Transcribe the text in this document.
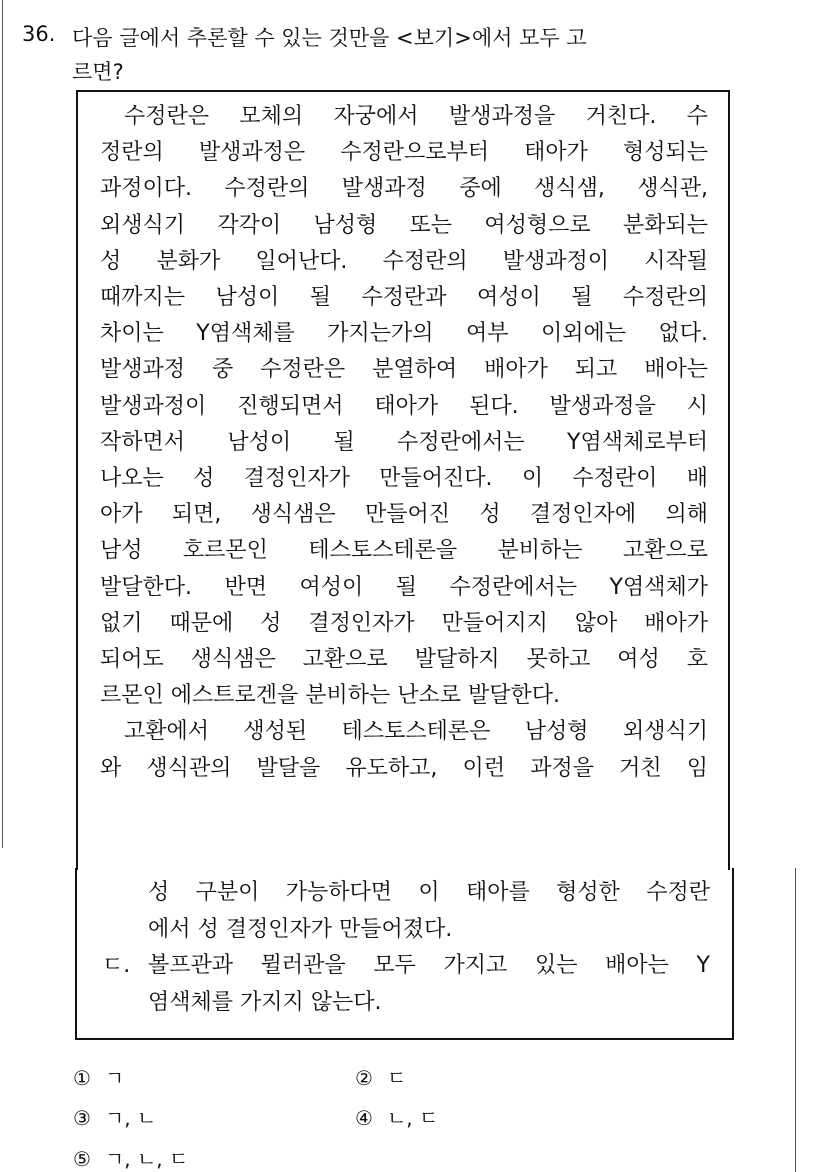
36. 다음 글에서 추론할 수 있는 것만을 <보기>에서 모두 고
르면?
수정란은 모체의 자궁에서 발생과정을 거친다. 수
정란의 발생과정은 수정란으로부터 태아가 형성되는
과정이다. 수정란의 발생과정 중에 생식샘, 생식관,
외생식기 각각이 남성형 또는 여성형으로 분화되는
성 분화가 일어난다. 수정란의 발생과정이 시작될
때까지는 남성이 될 수정란과 여성이 될 수정란의
차이는 Y염색체를 가지는가의 여부 이외에는 없다.
발생과정 중 수정란은 분열하여 배아가 되고 배아는
발생과정이 진행되면서 태아가 된다. 발생과정을 시
작하면서 남성이 될 수정란에서는 Y염색체로부터
나오는 성 결정인자가 만들어진다. 이 수정란이 배
아가 되면, 생식샘은 만들어진 성 결정인자에 의해
남성 호르몬인 테스토스테론을 분비하는 고환으로
발달한다. 반면 여성이 될 수정란에서는 Y염색체가
없기 때문에 성 결정인자가 만들어지지 않아 배아가
되어도 생식샘은 고환으로 발달하지 못하고 여성 호
르몬인 에스트로겐을 분비하는 난소로 발달한다.
고환에서 생성된 테스토스테론은 남성형 외생식기
와 생식관의 발달을 유도하고, 이런 과정을 거친 임
성 구분이 가능하다면 이 태아를 형성한 수정란
에서 성 결정인자가 만들어졌다.
ㄷ. 볼프관과 뮐러관을 모두 가지고 있는 배아는 Y
염색체를 가지지 않는다.
① ㄱ	② ㄷ
③ ㄱ, ㄴ	④ ㄴ, ㄷ
⑤ ㄱ, ㄴ, ㄷ
